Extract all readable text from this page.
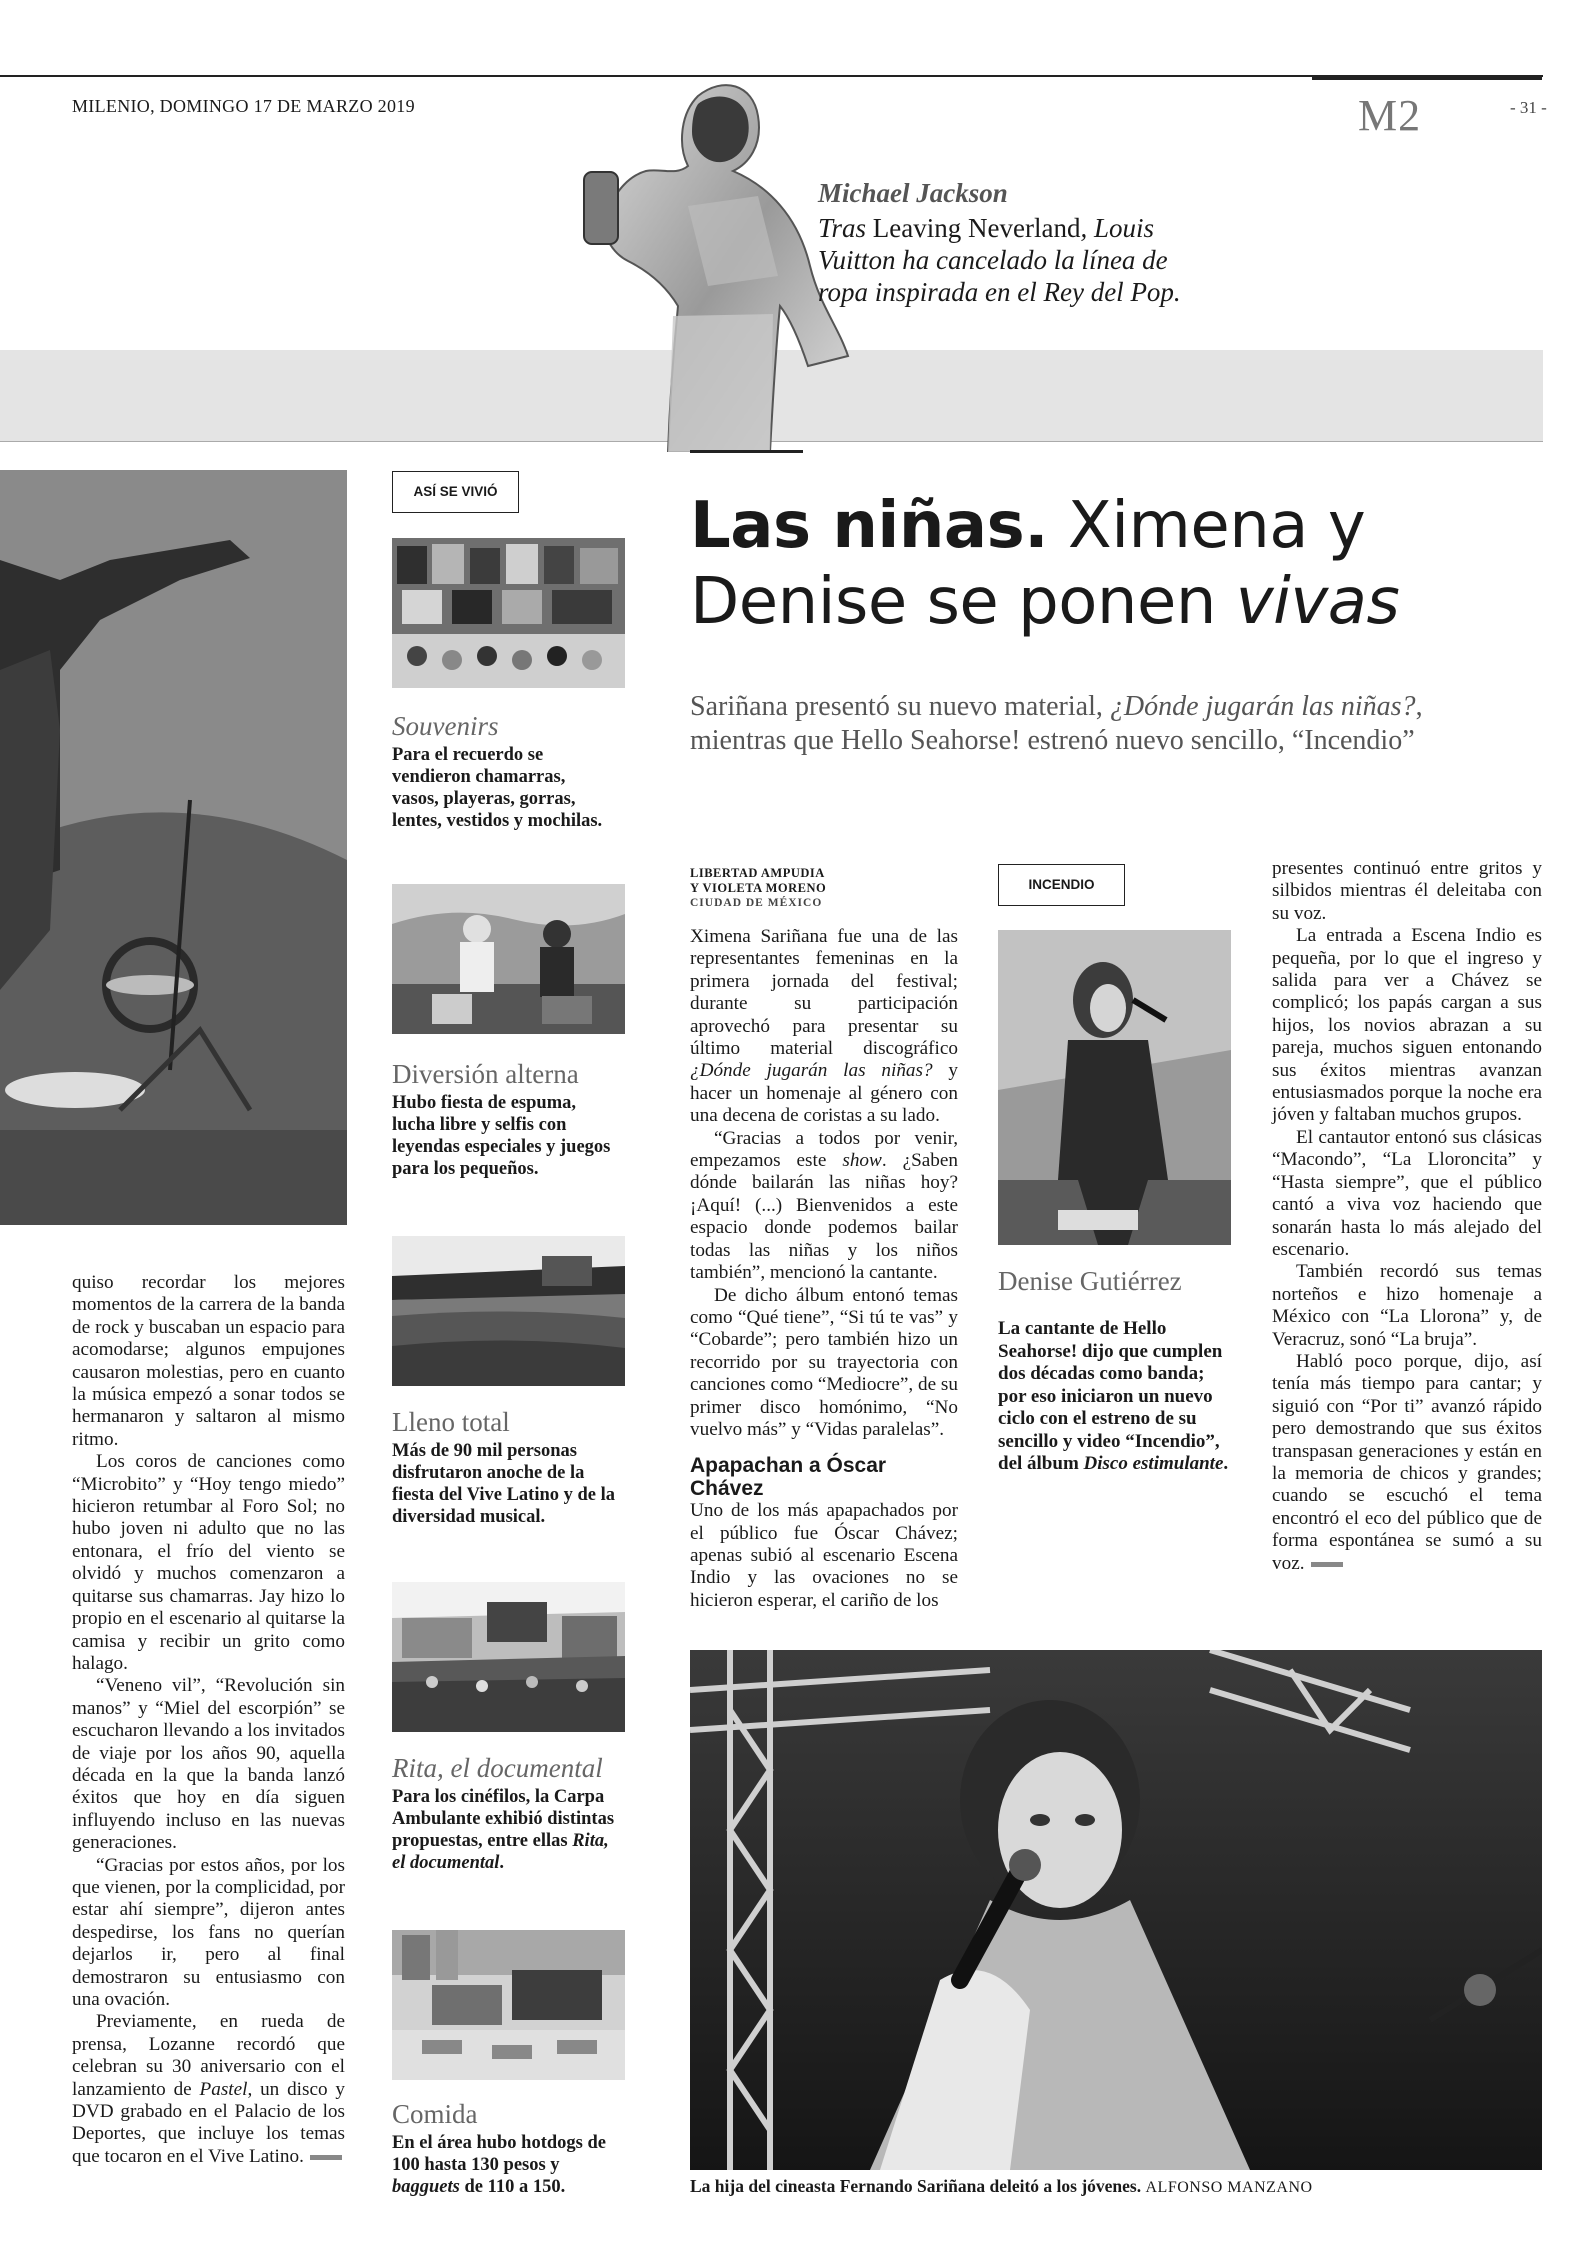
MILENIO, DOMINGO 17 DE MARZO 2019	M2	- 31 -
Michael Jackson
Tras Leaving Neverland, Louis Vuitton ha cancelado la línea de ropa inspirada en el Rey del Pop.
ASÍ SE VIVIÓ
Souvenirs
Para el recuerdo se vendieron chamarras, vasos, playeras, gorras, lentes, vestidos y mochilas.
Diversión alterna
Hubo fiesta de espuma, lucha libre y selfis con leyendas especiales y juegos para los pequeños.
Lleno total
Más de 90 mil personas disfrutaron anoche de la fiesta del Vive Latino y de la diversidad musical.
Rita, el documental
Para los cinéfilos, la Carpa Ambulante exhibió distintas propuestas, entre ellas Rita, el documental.
Comida
En el área hubo hotdogs de 100 hasta 130 pesos y bagguets de 110 a 150.
Las niñas. Ximena y
Denise se ponen vivas
Sariñana presentó su nuevo material, ¿Dónde jugarán las niñas?, mientras que Hello Seahorse! estrenó nuevo sencillo, “Incendio”
LIBERTAD AMPUDIA
Y VIOLETA MORENO
CIUDAD DE MÉXICO

quiso recordar los mejores momentos de la carrera de la banda de rock y buscaban un espacio para acomodarse; algunos empujones causaron molestias, pero en cuanto la música empezó a sonar todos se hermanaron y saltaron al mismo ritmo.

Los coros de canciones como “Microbito” y “Hoy tengo miedo” hicieron retumbar al Foro Sol; no hubo joven ni adulto que no las entonara, el frío del viento se olvidó y muchos comenzaron a quitarse sus chamarras. Jay hizo lo propio en el escenario al quitarse la camisa y recibir un grito como halago.

“Veneno vil”, “Revolución sin manos” y “Miel del escorpión” se escucharon llevando a los invitados de viaje por los años 90, aquella década en la que la banda lanzó éxitos que hoy en día siguen influyendo incluso en las nuevas generaciones.

“Gracias por estos años, por los que vienen, por la complicidad, por estar ahí siempre”, dijeron antes despedirse, los fans no querían dejarlos ir, pero al final demostraron su entusiasmo con una ovación.

Previamente, en rueda de prensa, Lozanne recordó que celebran su 30 aniversario con el lanzamiento de Pastel, un disco y DVD grabado en el Palacio de los Deportes, que incluye los temas que tocaron en el Vive Latino.

Ximena Sariñana fue una de las representantes femeninas en la primera jornada del festival; durante su participación aprovechó para presentar su último material discográfico ¿Dónde jugarán las niñas? y hacer un homenaje al género con una decena de coristas a su lado.

“Gracias a todos por venir, empezamos este show. ¿Saben dónde bailarán las niñas hoy? ¡Aquí! (...) Bienvenidos a este espacio donde podemos bailar todas las niñas y los niños también”, mencionó la cantante.

De dicho álbum entonó temas como “Qué tiene”, “Si tú te vas” y “Cobarde”; pero también hizo un recorrido por su trayectoria con canciones como “Mediocre”, de su primer disco homónimo, “No vuelvo más” y “Vidas paralelas”.

Apapachan a Óscar Chávez

Uno de los más apapachados por el público fue Óscar Chávez; apenas subió al escenario Escena Indio y las ovaciones no se hicieron esperar, el cariño de los

INCENDIO
Denise Gutiérrez
La cantante de Hello Seahorse! dijo que cumplen dos décadas como banda; por eso iniciaron un nuevo ciclo con el estreno de su sencillo y video “Incendio”, del álbum Disco estimulante.

presentes continuó entre gritos y silbidos mientras él deleitaba con su voz.

La entrada a Escena Indio es pequeña, por lo que el ingreso y salida para ver a Chávez se complicó; los papás cargan a sus hijos, los novios abrazan a su pareja, muchos siguen entonando sus éxitos mientras avanzan entusiasmados porque la noche era jóven y faltaban muchos grupos.

El cantautor entonó sus clásicas “Macondo”, “La Lloroncita” y “Hasta siempre”, que el público cantó a viva voz haciendo que sonarán hasta lo más alejado del escenario.

También recordó sus temas norteños e hizo homenaje a México con “La Llorona” y, de Veracruz, sonó “La bruja”.

Habló poco porque, dijo, así tenía más tiempo para cantar; y siguió con “Por ti” avanzó rápido pero demostrando que sus éxitos transpasan generaciones y están en la memoria de chicos y grandes; cuando se escuchó el tema encontró el eco del público que de forma espontánea se sumó a su voz.

La hija del cineasta Fernando Sariñana deleitó a los jóvenes. ALFONSO MANZANO
